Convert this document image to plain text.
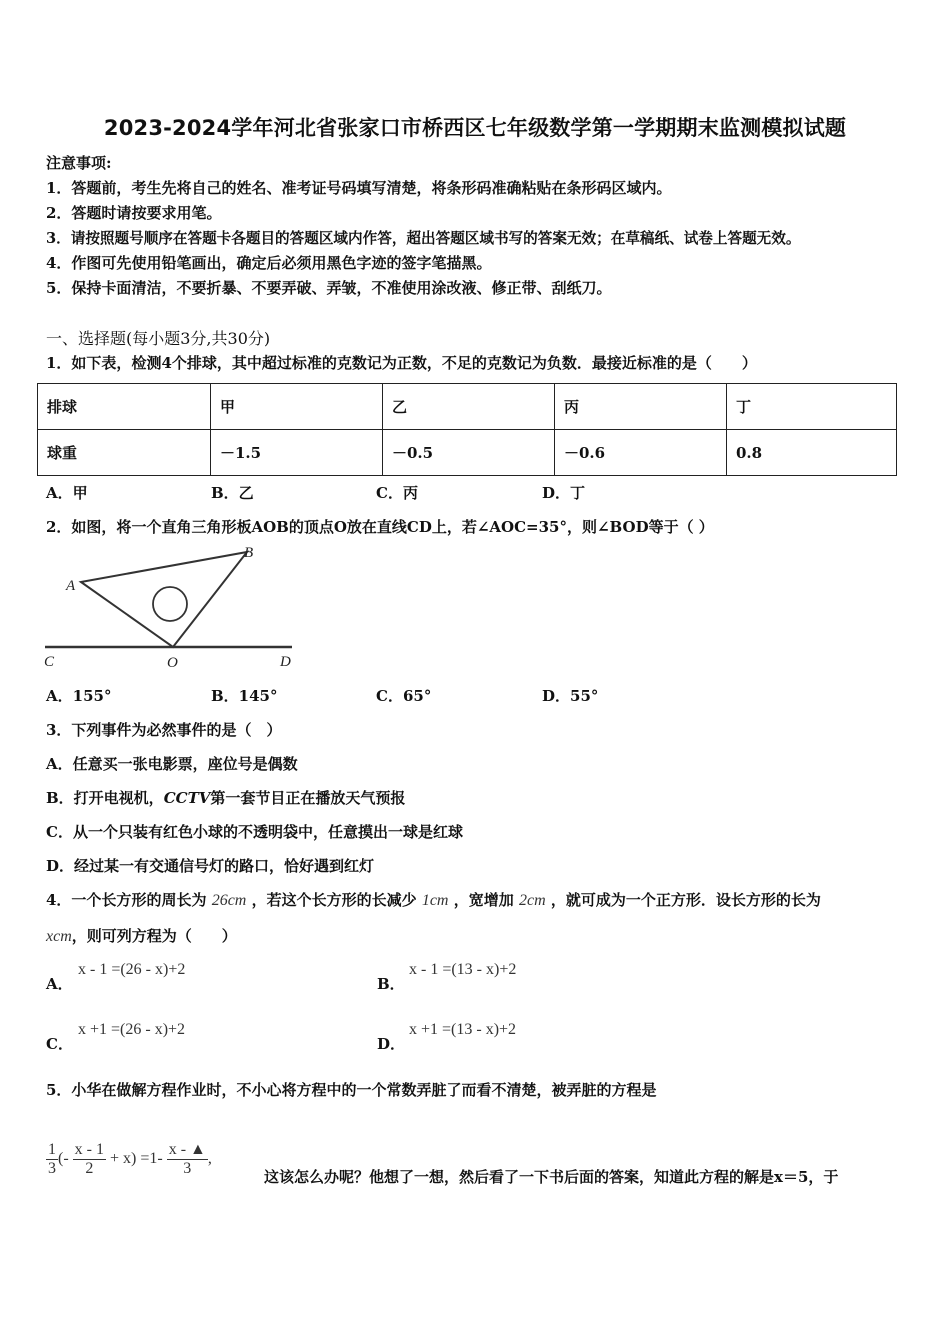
2023-2024学年河北省张家口市桥西区七年级数学第一学期期末监测模拟试题
注意事项:
1．答题前，考生先将自己的姓名、准考证号码填写清楚，将条形码准确粘贴在条形码区域内。
2．答题时请按要求用笔。
3．请按照题号顺序在答题卡各题目的答题区域内作答，超出答题区域书写的答案无效；在草稿纸、试卷上答题无效。
4．作图可先使用铅笔画出，确定后必须用黑色字迹的签字笔描黑。
5．保持卡面清洁，不要折暴、不要弄破、弄皱，不准使用涂改液、修正带、刮纸刀。
一、选择题(每小题3分,共30分)
1．如下表，检测4个排球，其中超过标准的克数记为正数，不足的克数记为负数．最接近标准的是（　　）
排球	甲	乙	丙	丁
球重	－1.5	－0.5	－0.6	0.8
A．甲	B．乙	C．丙	D．丁
2．如图，将一个直角三角形板AOB的顶点O放在直线CD上，若∠AOC=35°，则∠BOD等于（ ）
A
B
C	O	D
A．155°	B．145°	C．65°	D．55°
3．下列事件为必然事件的是（　）
A．任意买一张电影票，座位号是偶数
B．打开电视机，CCTV第一套节目正在播放天气预报
C．从一个只装有红色小球的不透明袋中，任意摸出一球是红球
D．经过某一有交通信号灯的路口，恰好遇到红灯
4．一个长方形的周长为 26cm ，若这个长方形的长减少 1cm ，宽增加 2cm ，就可成为一个正方形．设长方形的长为
xcm，则可列方程为（　　）
A．
x - 1 =(26 - x)+2
B．
x - 1 =(13 - x)+2
C．
x +1 =(26 - x)+2
D．
x +1 =(13 - x)+2
5．小华在做解方程作业时，不小心将方程中的一个常数弄脏了而看不清楚，被弄脏的方程是
$\frac{1}{3}$ (- $\frac{x - 1}{2} + x) =1- \frac{x - ▲}{3}$ ,
这该怎么办呢？他想了一想，然后看了一下书后面的答案，知道此方程的解是x＝5，于
